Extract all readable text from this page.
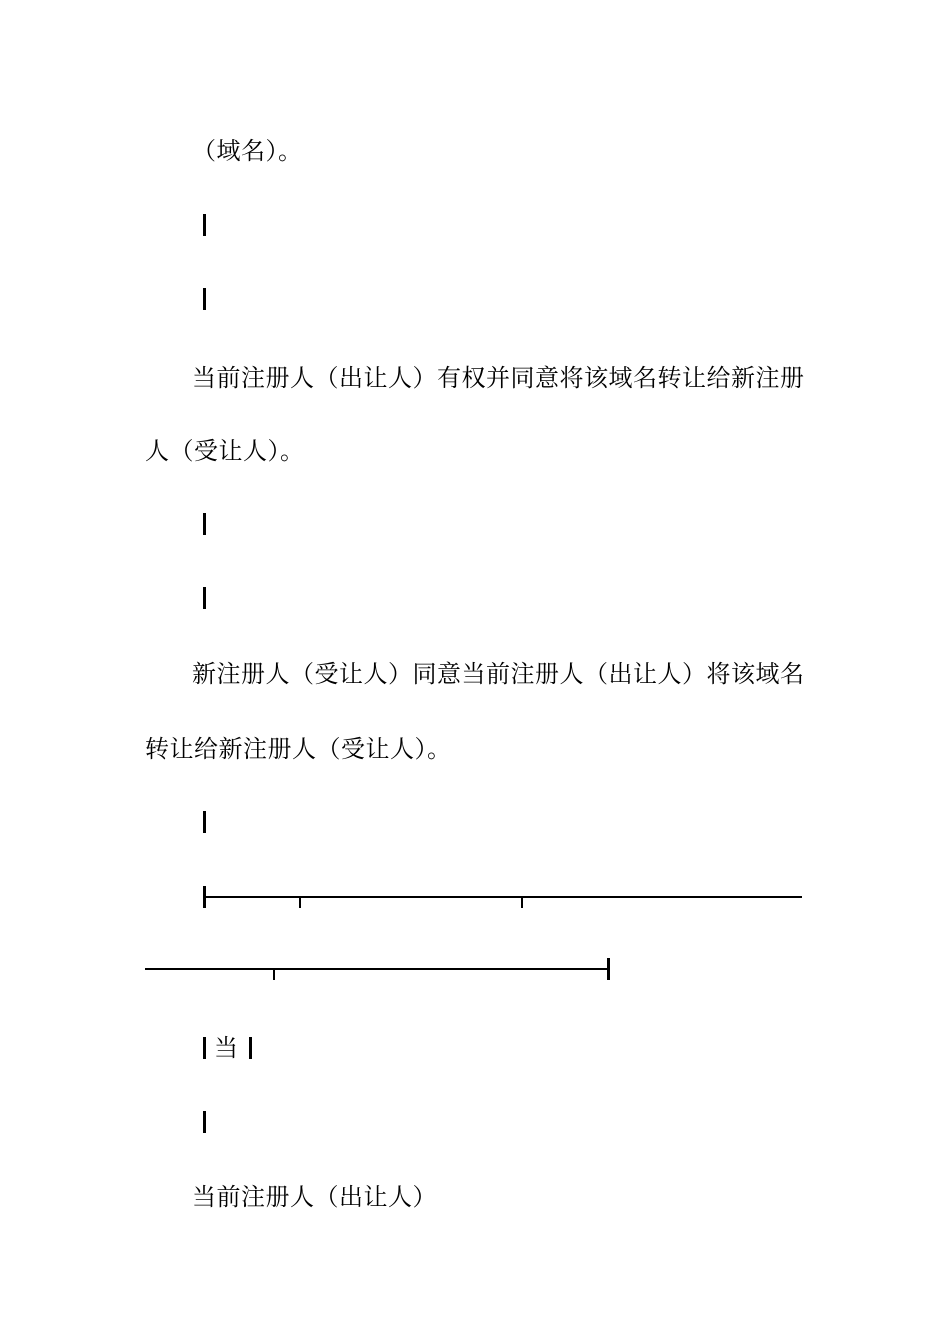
（域名）。
当前注册人（出让人）有权并同意将该域名转让给新注册
人（受让人）。
新注册人（受让人）同意当前注册人（出让人）将该域名
转让给新注册人（受让人）。
当
当前注册人（出让人）
